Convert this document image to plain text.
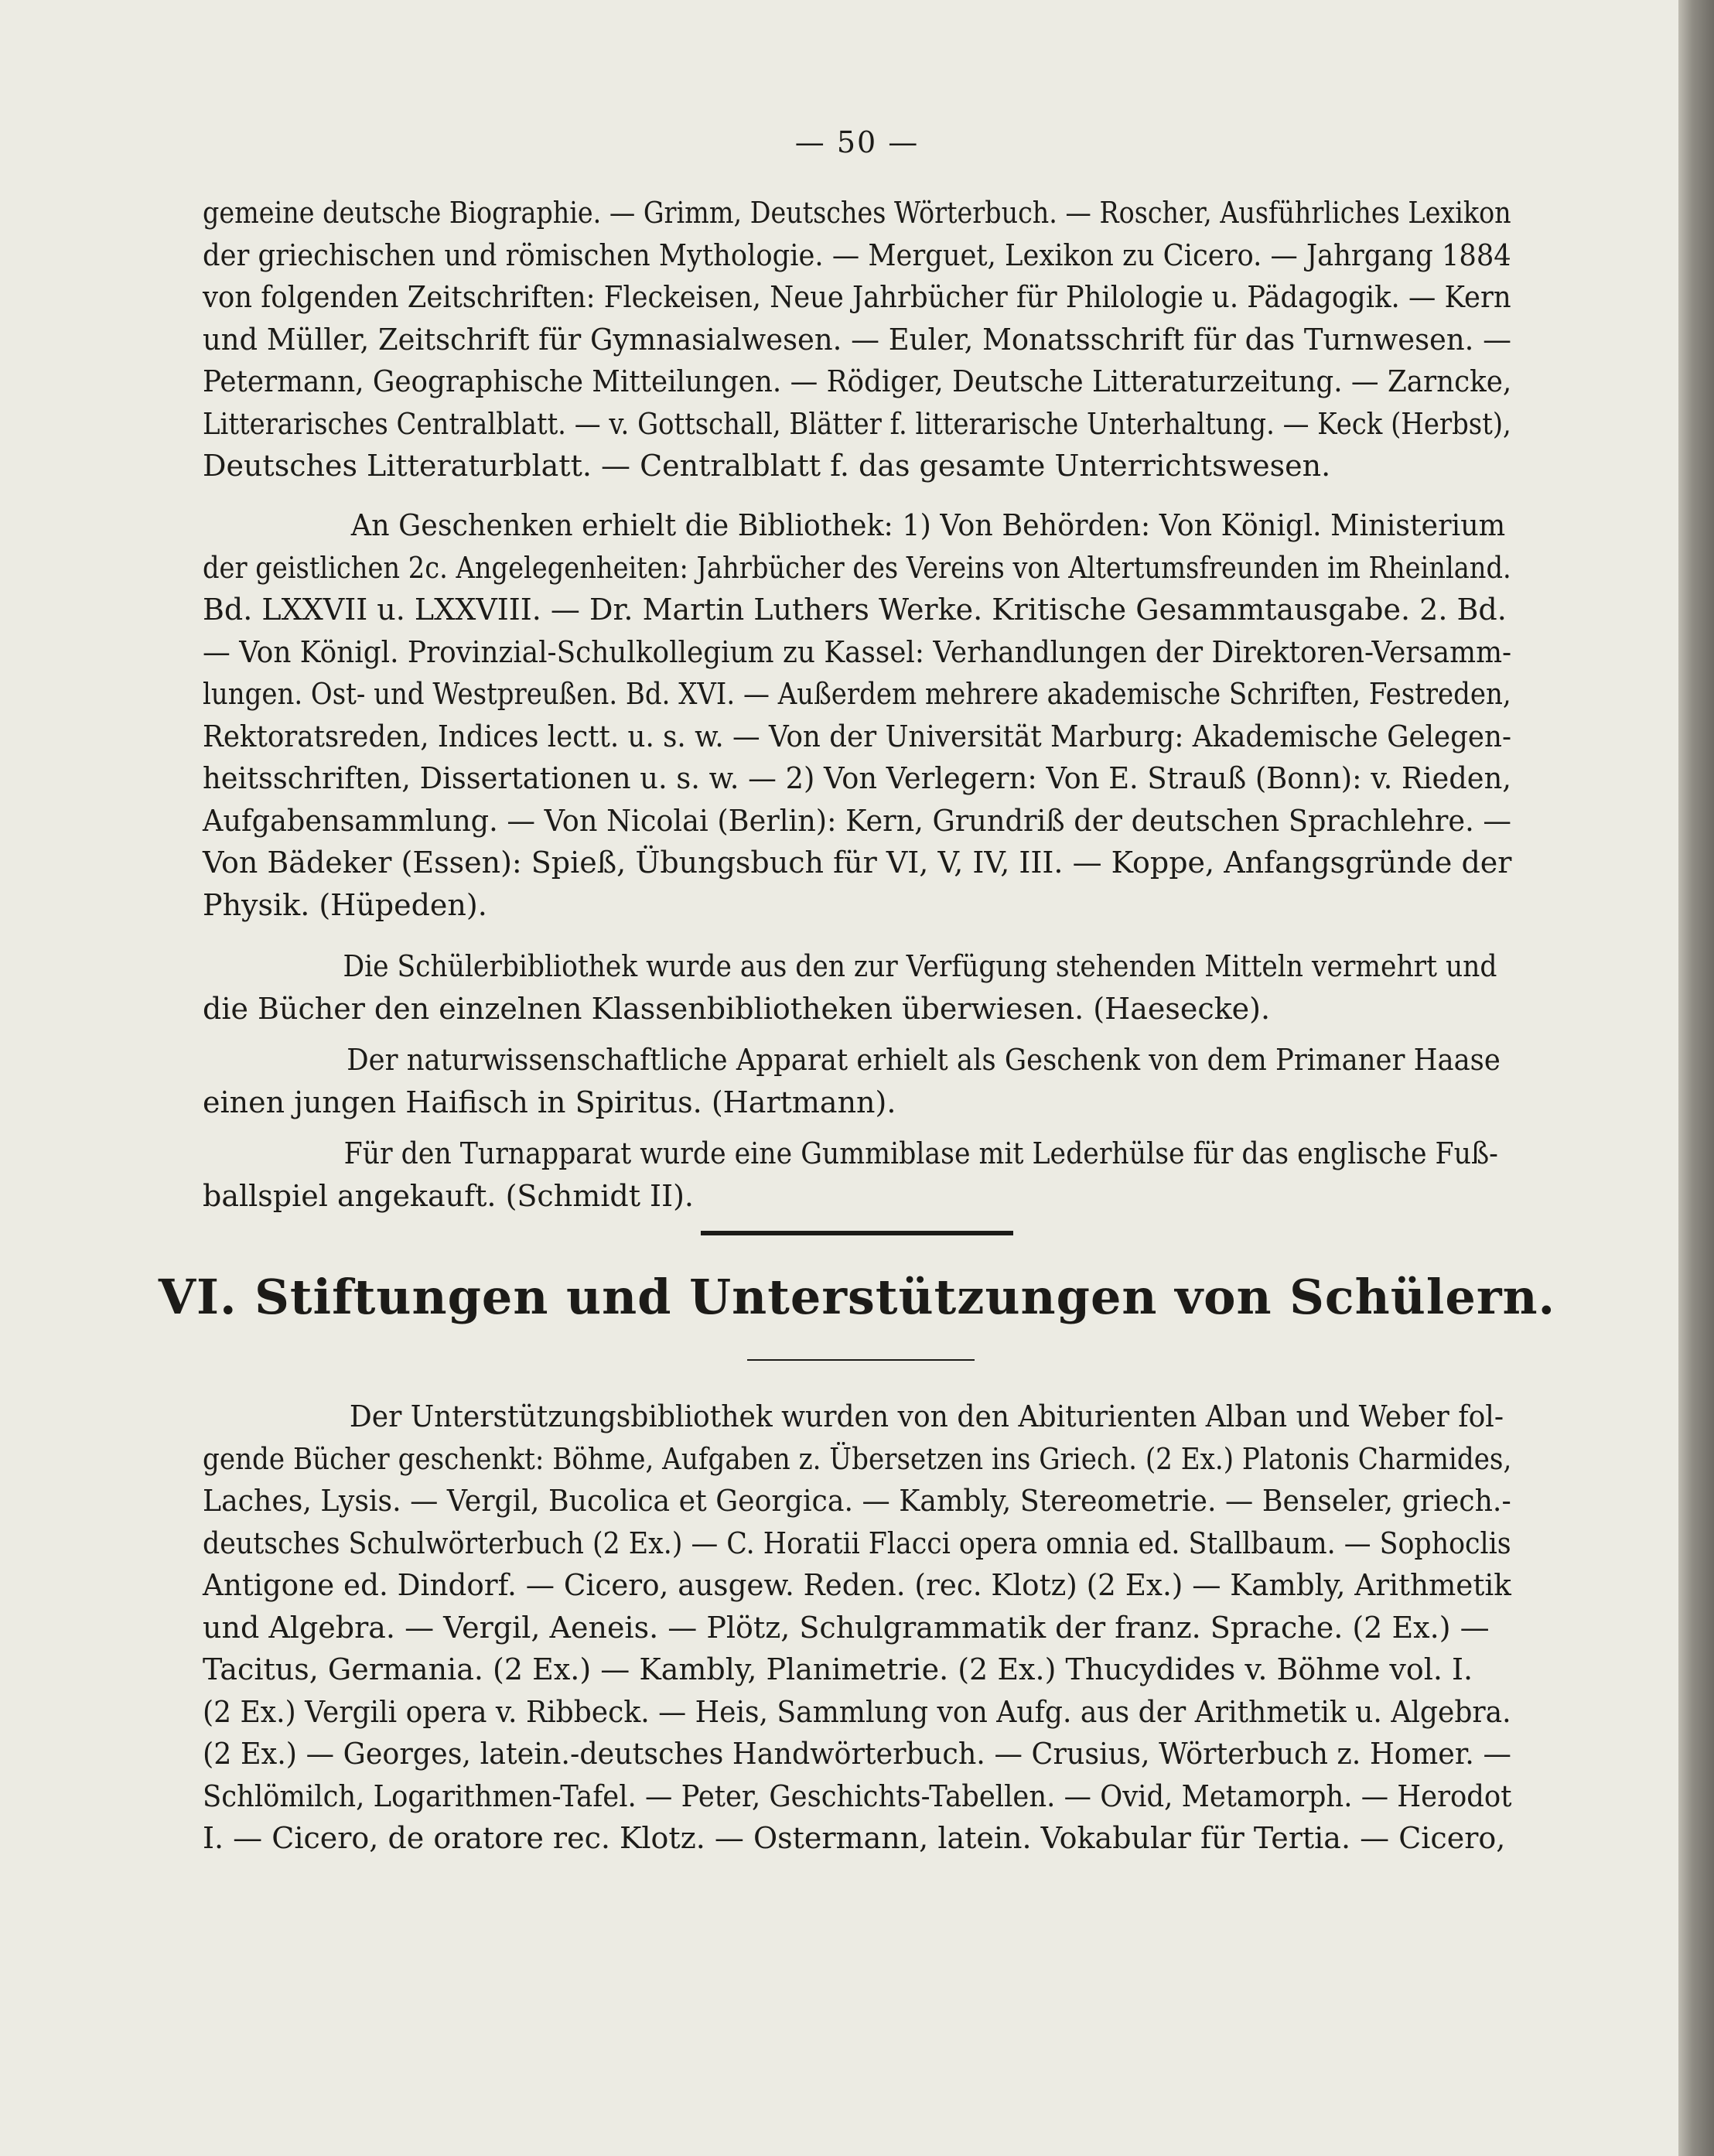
— 50 —
gemeine deutsche Biographie. — Grimm, Deutsches Wörterbuch. — Roscher, Ausführliches Lexikon
der griechischen und römischen Mythologie. — Merguet, Lexikon zu Cicero. — Jahrgang 1884
von folgenden Zeitschriften: Fleckeisen, Neue Jahrbücher für Philologie u. Pädagogik. — Kern
und Müller, Zeitschrift für Gymnasialwesen. — Euler, Monatsschrift für das Turnwesen. —
Petermann, Geographische Mitteilungen. — Rödiger, Deutsche Litteraturzeitung. — Zarncke,
Litterarisches Centralblatt. — v. Gottschall, Blätter f. litterarische Unterhaltung. — Keck (Herbst),
Deutsches Litteraturblatt. — Centralblatt f. das gesamte Unterrichtswesen.
An Geschenken erhielt die Bibliothek: 1) Von Behörden: Von Königl. Ministerium
der geistlichen 2c. Angelegenheiten: Jahrbücher des Vereins von Altertumsfreunden im Rheinland.
Bd. LXXVII u. LXXVIII. — Dr. Martin Luthers Werke. Kritische Gesammtausgabe. 2. Bd.
— Von Königl. Provinzial-Schulkollegium zu Kassel: Verhandlungen der Direktoren-Versamm-
lungen. Ost- und Westpreußen. Bd. XVI. — Außerdem mehrere akademische Schriften, Festreden,
Rektoratsreden, Indices lectt. u. s. w. — Von der Universität Marburg: Akademische Gelegen-
heitsschriften, Dissertationen u. s. w. — 2) Von Verlegern: Von E. Strauß (Bonn): v. Rieden,
Aufgabensammlung. — Von Nicolai (Berlin): Kern, Grundriß der deutschen Sprachlehre. —
Von Bädeker (Essen): Spieß, Übungsbuch für VI, V, IV, III. — Koppe, Anfangsgründe der
Physik. (Hüpeden).
Die Schülerbibliothek wurde aus den zur Verfügung stehenden Mitteln vermehrt und
die Bücher den einzelnen Klassenbibliotheken überwiesen. (Haesecke).
Der naturwissenschaftliche Apparat erhielt als Geschenk von dem Primaner Haase
einen jungen Haifisch in Spiritus. (Hartmann).
Für den Turnapparat wurde eine Gummiblase mit Lederhülse für das englische Fuß-
ballspiel angekauft. (Schmidt II).
VI. Stiftungen und Unterstützungen von Schülern.
Der Unterstützungsbibliothek wurden von den Abiturienten Alban und Weber fol-
gende Bücher geschenkt: Böhme, Aufgaben z. Übersetzen ins Griech. (2 Ex.) Platonis Charmides,
Laches, Lysis. — Vergil, Bucolica et Georgica. — Kambly, Stereometrie. — Benseler, griech.-
deutsches Schulwörterbuch (2 Ex.) — C. Horatii Flacci opera omnia ed. Stallbaum. — Sophoclis
Antigone ed. Dindorf. — Cicero, ausgew. Reden. (rec. Klotz) (2 Ex.) — Kambly, Arithmetik
und Algebra. — Vergil, Aeneis. — Plötz, Schulgrammatik der franz. Sprache. (2 Ex.) —
Tacitus, Germania. (2 Ex.) — Kambly, Planimetrie. (2 Ex.) Thucydides v. Böhme vol. I.
(2 Ex.) Vergili opera v. Ribbeck. — Heis, Sammlung von Aufg. aus der Arithmetik u. Algebra.
(2 Ex.) — Georges, latein.-deutsches Handwörterbuch. — Crusius, Wörterbuch z. Homer. —
Schlömilch, Logarithmen-Tafel. — Peter, Geschichts-Tabellen. — Ovid, Metamorph. — Herodot
I. — Cicero, de oratore rec. Klotz. — Ostermann, latein. Vokabular für Tertia. — Cicero,
